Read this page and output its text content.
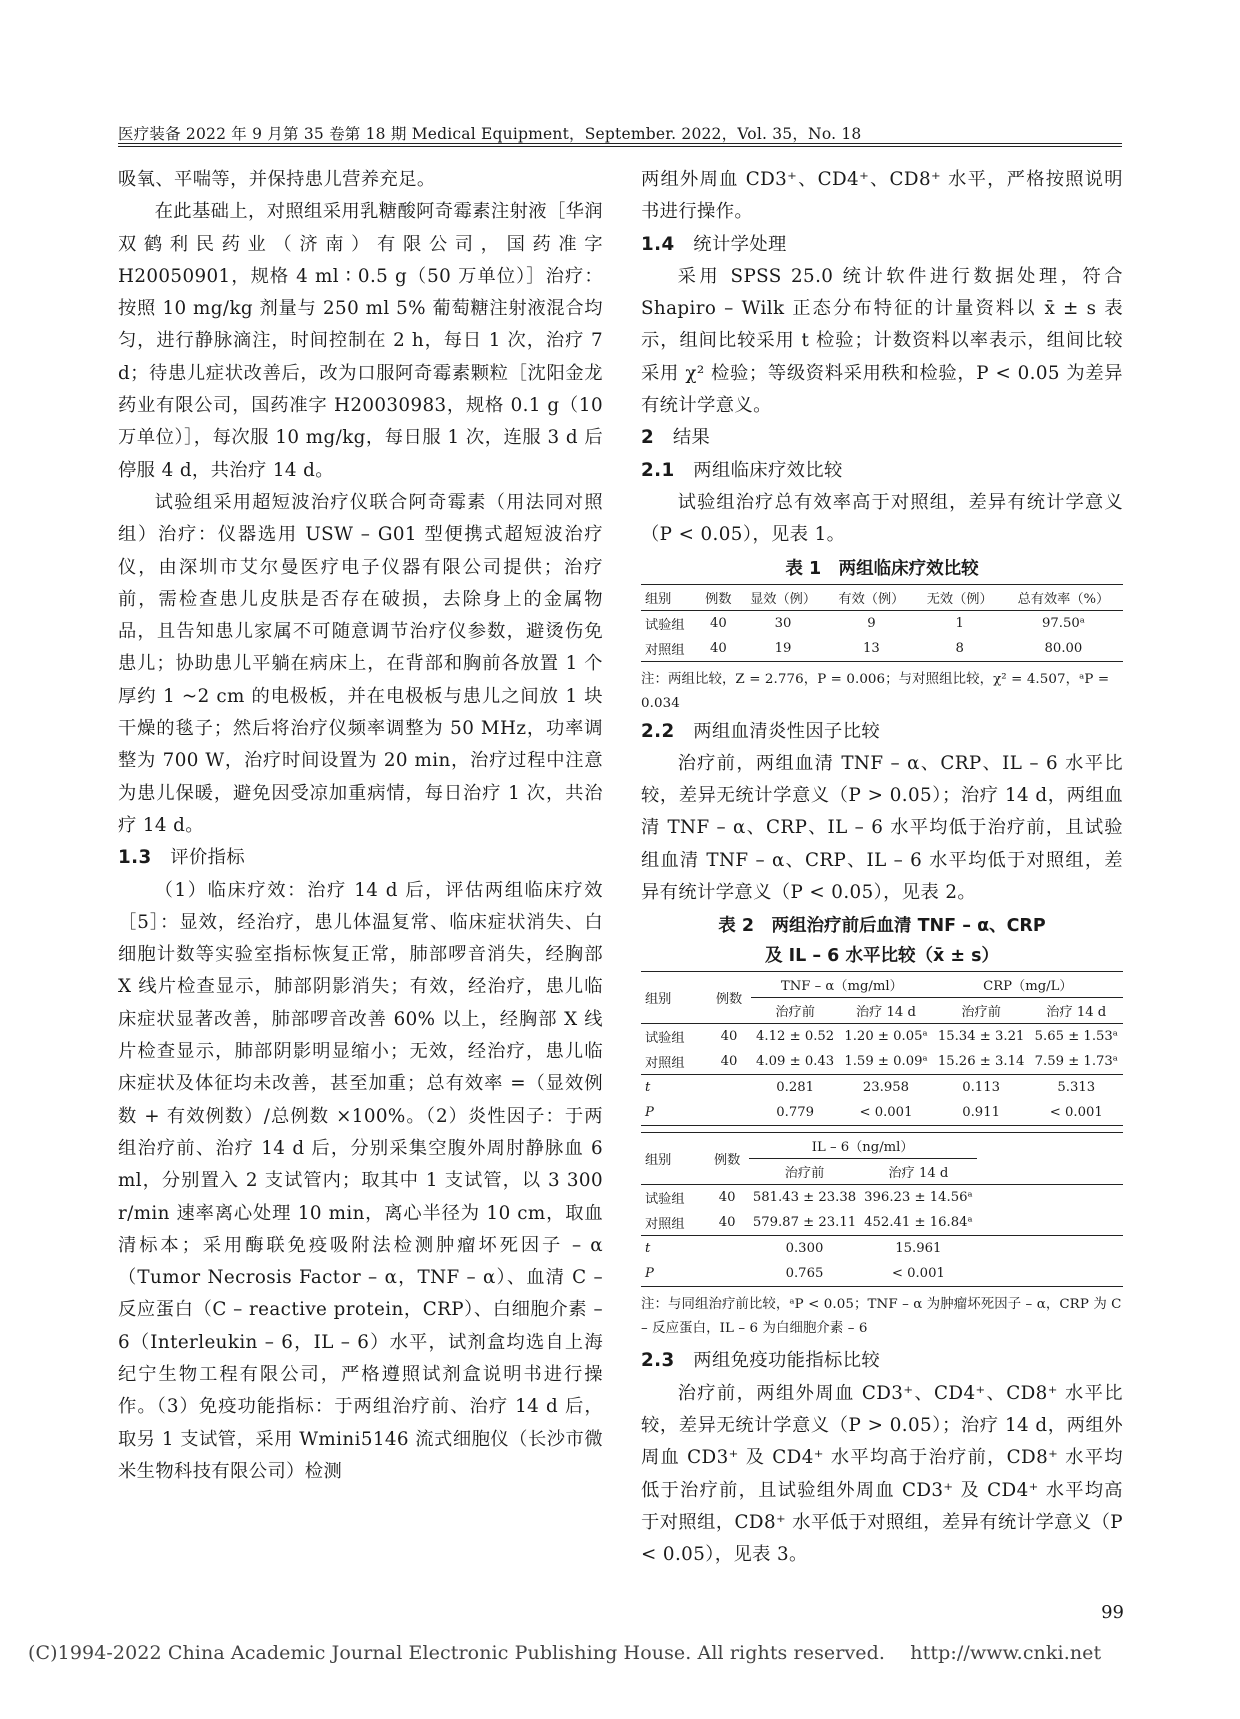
医疗装备 2022 年 9 月第 35 卷第 18 期 Medical Equipment，September. 2022，Vol. 35，No. 18

吸氧、平喘等，并保持患儿营养充足。

在此基础上，对照组采用乳糖酸阿奇霉素注射液［华润双鹤利民药业（济南）有限公司，国药准字 H20050901，规格 4 ml ∶ 0.5 g（50 万单位）］治疗：按照 10 mg/kg 剂量与 250 ml 5% 葡萄糖注射液混合均匀，进行静脉滴注，时间控制在 2 h，每日 1 次，治疗 7 d；待患儿症状改善后，改为口服阿奇霉素颗粒［沈阳金龙药业有限公司，国药准字 H20030983，规格 0.1 g（10 万单位）］，每次服 10 mg/kg，每日服 1 次，连服 3 d 后停服 4 d，共治疗 14 d。

试验组采用超短波治疗仪联合阿奇霉素（用法同对照组）治疗：仪器选用 USW – G01 型便携式超短波治疗仪，由深圳市艾尔曼医疗电子仪器有限公司提供；治疗前，需检查患儿皮肤是否存在破损，去除身上的金属物品，且告知患儿家属不可随意调节治疗仪参数，避烫伤免患儿；协助患儿平躺在病床上，在背部和胸前各放置 1 个厚约 1 ~2 cm 的电极板，并在电极板与患儿之间放 1 块干燥的毯子；然后将治疗仪频率调整为 50 MHz，功率调整为 700 W，治疗时间设置为 20 min，治疗过程中注意为患儿保暖，避免因受凉加重病情，每日治疗 1 次，共治疗 14 d。

1.3　 评价指标

（1）临床疗效：治疗 14 d 后，评估两组临床疗效［5］：显效，经治疗，患儿体温复常、临床症状消失、白细胞计数等实验室指标恢复正常，肺部啰音消失，经胸部 X 线片检查显示，肺部阴影消失；有效，经治疗，患儿临床症状显著改善，肺部啰音改善 60% 以上，经胸部 X 线片检查显示，肺部阴影明显缩小；无效，经治疗，患儿临床症状及体征均未改善，甚至加重；总有效率 =（显效例数 + 有效例数）/总例数 ×100%。（2）炎性因子：于两组治疗前、治疗 14 d 后，分别采集空腹外周肘静脉血 6 ml，分别置入 2 支试管内；取其中 1 支试管，以 3 300 r/min 速率离心处理 10 min，离心半径为 10 cm，取血清标本；采用酶联免疫吸附法检测肿瘤坏死因子 – α（Tumor Necrosis Factor – α，TNF – α）、血清 C – 反应蛋白（C – reactive protein，CRP）、白细胞介素 – 6（Interleukin – 6，IL – 6）水平，试剂盒均选自上海纪宁生物工程有限公司，严格遵照试剂盒说明书进行操作。（3）免疫功能指标：于两组治疗前、治疗 14 d 后，取另 1 支试管，采用 Wmini5146 流式细胞仪（长沙市微米生物科技有限公司）检测

两组外周血 CD3⁺、CD4⁺、CD8⁺ 水平，严格按照说明书进行操作。

1.4　 统计学处理

采用 SPSS 25.0 统计软件进行数据处理，符合 Shapiro – Wilk 正态分布特征的计量资料以 x̄ ± s 表示，组间比较采用 t 检验；计数资料以率表示，组间比较采用 χ² 检验；等级资料采用秩和检验，P < 0.05 为差异有统计学意义。

2　 结果
2.1　 两组临床疗效比较

试验组治疗总有效率高于对照组，差异有统计学意义（P < 0.05），见表 1。

表 1　两组临床疗效比较
组别	例数	显效（例）	有效（例）	无效（例）	总有效率（%）
试验组	40	30	9	1	97.50ᵃ
对照组	40	19	13	8	80.00
注：两组比较，Z = 2.776，P = 0.006；与对照组比较，χ² = 4.507，ᵃP = 0.034
2.2　 两组血清炎性因子比较

治疗前，两组血清 TNF – α、CRP、IL – 6 水平比较，差异无统计学意义（P > 0.05）；治疗 14 d，两组血清 TNF – α、CRP、IL – 6 水平均低于治疗前，且试验组血清 TNF – α、CRP、IL – 6 水平均低于对照组，差异有统计学意义（P < 0.05），见表 2。

表 2　两组治疗前后血清 TNF – α、CRP
及 IL – 6 水平比较（x̄ ± s）
组别	例数	TNF – α（mg/ml）		CRP（mg/L）	
		治疗前	治疗 14 d	治疗前	治疗 14 d
试验组	40	4.12 ± 0.52	1.20 ± 0.05ᵃ	15.34 ± 3.21	5.65 ± 1.53ᵃ
对照组	40	4.09 ± 0.43	1.59 ± 0.09ᵃ	15.26 ± 3.14	7.59 ± 1.73ᵃ
t		0.281	23.958	0.113	5.313
P		0.779	< 0.001	0.911	< 0.001
组别	例数	IL – 6（ng/ml）		
		治疗前	治疗 14 d	
试验组	40	581.43 ± 23.38	396.23 ± 14.56ᵃ	
对照组	40	579.87 ± 23.11	452.41 ± 16.84ᵃ	
t		0.300	15.961	
P		0.765	< 0.001	
注：与同组治疗前比较，ᵃP < 0.05；TNF – α 为肿瘤坏死因子 – α，CRP 为 C – 反应蛋白，IL – 6 为白细胞介素 – 6
2.3　 两组免疫功能指标比较

治疗前，两组外周血 CD3⁺、CD4⁺、CD8⁺ 水平比较，差异无统计学意义（P > 0.05）；治疗 14 d，两组外周血 CD3⁺ 及 CD4⁺ 水平均高于治疗前，CD8⁺ 水平均低于治疗前，且试验组外周血 CD3⁺ 及 CD4⁺ 水平均高于对照组，CD8⁺ 水平低于对照组，差异有统计学意义（P < 0.05），见表 3。

99
(C)1994-2022 China Academic Journal Electronic Publishing House. All rights reserved.　 http://www.cnki.net
